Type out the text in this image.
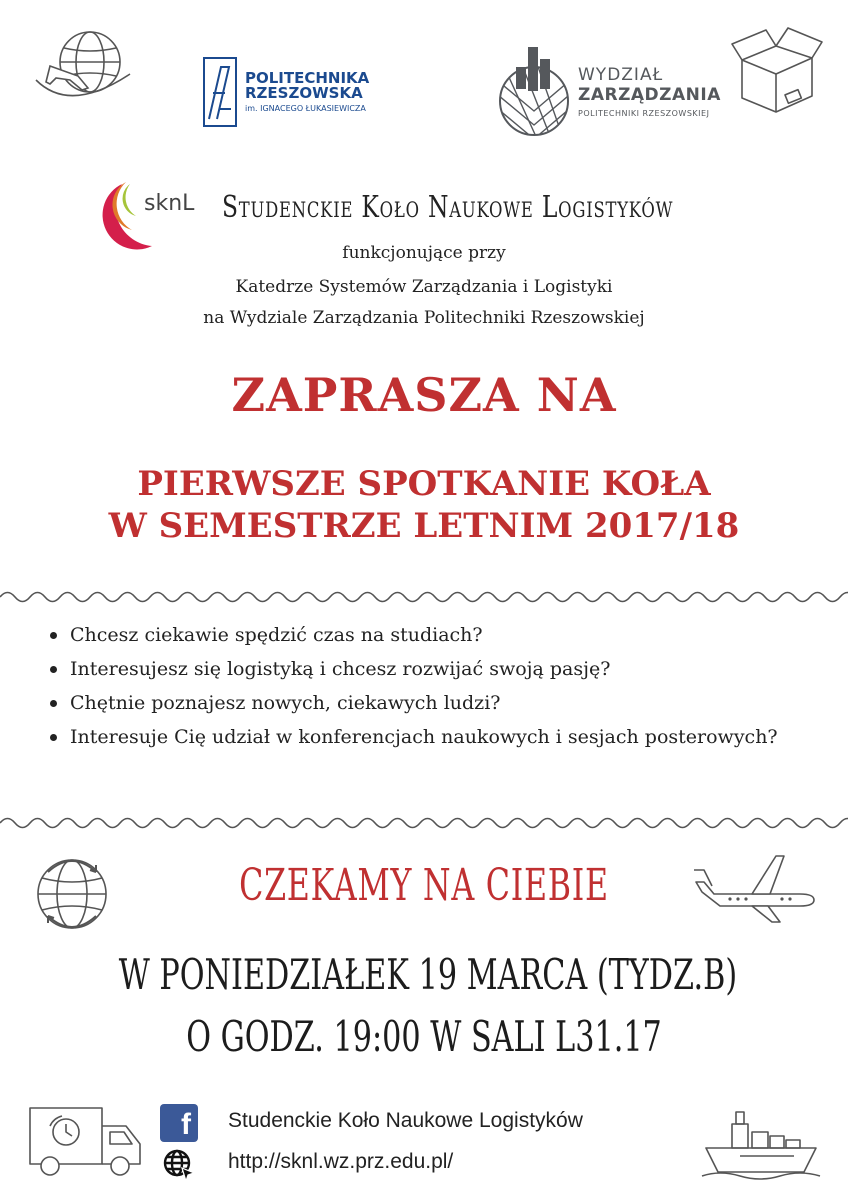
POLITECHNIKA
RZESZOWSKA
im. IGNACEGO ŁUKASIEWICZA
WYDZIAŁ
ZARZĄDZANIA
POLITECHNIKI RZESZOWSKIEJ
sknL Studenckie Koło Naukowe Logistyków
funkcjonujące przy
Katedrze Systemów Zarządzania i Logistyki
na Wydziale Zarządzania Politechniki Rzeszowskiej
ZAPRASZA NA
PIERWSZE SPOTKANIE KOŁA
W SEMESTRZE LETNIM 2017/18
Chcesz ciekawie spędzić czas na studiach?
Interesujesz się logistyką i chcesz rozwijać swoją pasję?
Chętnie poznajesz nowych, ciekawych ludzi?
Interesuje Cię udział w konferencjach naukowych i sesjach posterowych?
CZEKAMY NA CIEBIE
W PONIEDZIAŁEK 19 MARCA (TYDZ.B)
O GODZ. 19:00 W SALI L31.17
f	Studenckie Koło Naukowe Logistyków
http://sknl.wz.prz.edu.pl/
